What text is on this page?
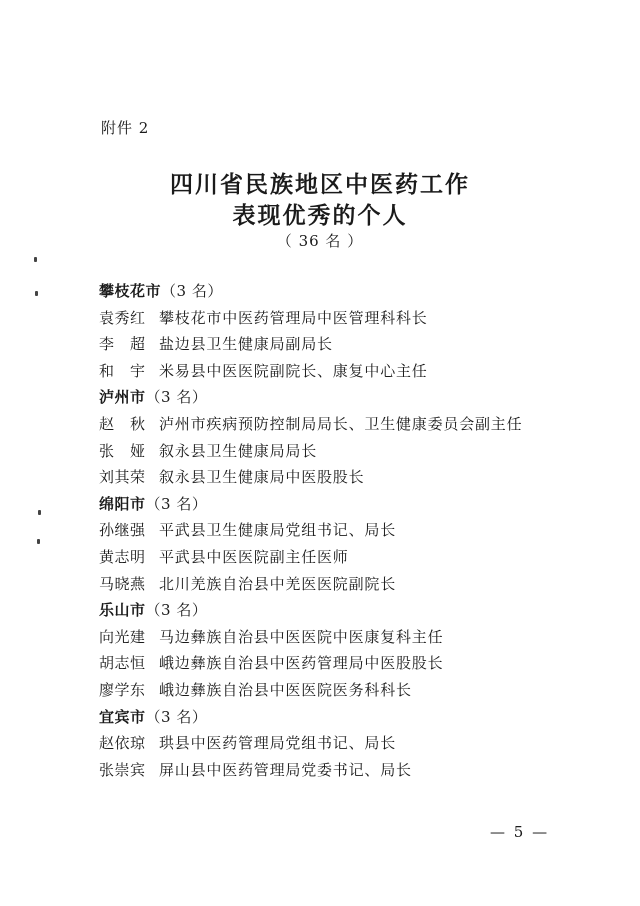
附件 2
四川省民族地区中医药工作
表现优秀的个人
（ 36 名 ）
攀枝花市（3 名）
袁秀红 攀枝花市中医药管理局中医管理科科长
李　超 盐边县卫生健康局副局长
和　宇 米易县中医医院副院长、康复中心主任
泸州市（3 名）
赵　秋 泸州市疾病预防控制局局长、卫生健康委员会副主任
张　娅 叙永县卫生健康局局长
刘其荣 叙永县卫生健康局中医股股长
绵阳市（3 名）
孙继强 平武县卫生健康局党组书记、局长
黄志明 平武县中医医院副主任医师
马晓燕 北川羌族自治县中羌医医院副院长
乐山市（3 名）
向光建 马边彝族自治县中医医院中医康复科主任
胡志恒 峨边彝族自治县中医药管理局中医股股长
廖学东 峨边彝族自治县中医医院医务科科长
宜宾市（3 名）
赵依琼 珙县中医药管理局党组书记、局长
张崇宾 屏山县中医药管理局党委书记、局长
— 5 —
